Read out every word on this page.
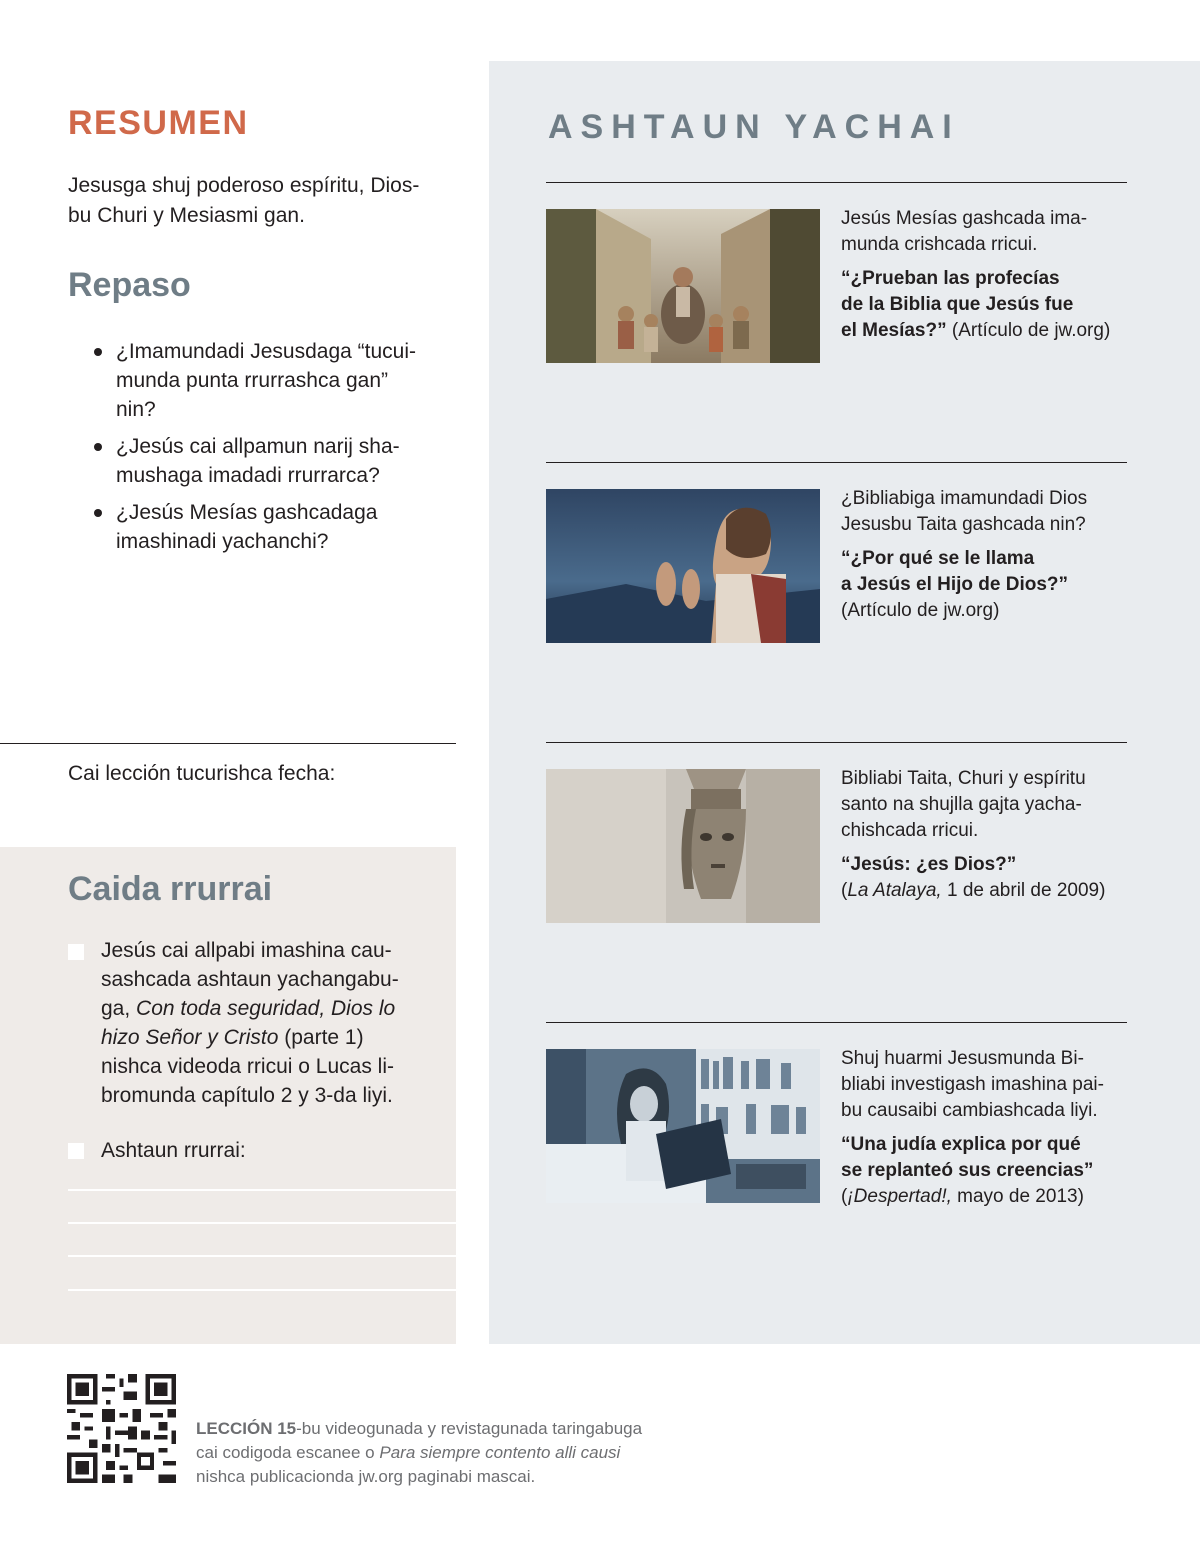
RESUMEN
Jesusga shuj poderoso espíritu, Dios-
bu Churi y Mesiasmi gan.
Repaso
¿Imamundadi Jesusdaga “tucui-
munda punta rrurrashca gan”
nin?
¿Jesús cai allpamun narij sha-
mushaga imadadi rrurrarca?
¿Jesús Mesías gashcadaga
imashinadi yachanchi?
Cai lección tucurishca fecha:
Caida rrurrai
Jesús cai allpabi imashina cau-
sashcada ashtaun yachangabu-
ga, Con toda seguridad, Dios lo
hizo Señor y Cristo (parte 1)
nishca videoda rricui o Lucas li-
bromunda capítulo 2 y 3-da liyi.
Ashtaun rrurrai:
ASHTAUN YACHAI
Jesús Mesías gashcada ima-
munda crishcada rricui.
“¿Prueban las profecías
de la Biblia que Jesús fue
el Mesías?” (Artículo de jw.org)
¿Bibliabiga imamundadi Dios
Jesusbu Taita gashcada nin?
“¿Por qué se le llama
a Jesús el Hijo de Dios?”
(Artículo de jw.org)
Bibliabi Taita, Churi y espíritu
santo na shujlla gajta yacha-
chishcada rricui.
“Jesús: ¿es Dios?”
(La Atalaya, 1 de abril de 2009)
Shuj huarmi Jesusmunda Bi-
bliabi investigash imashina pai-
bu causaibi cambiashcada liyi.
“Una judía explica por qué
se replanteó sus creencias”
(¡Despertad!, mayo de 2013)
LECCIÓN 15-bu videogunada y revistagunada taringabuga
cai codigoda escanee o Para siempre contento alli causi
nishca publicacionda jw.org paginabi mascai.
